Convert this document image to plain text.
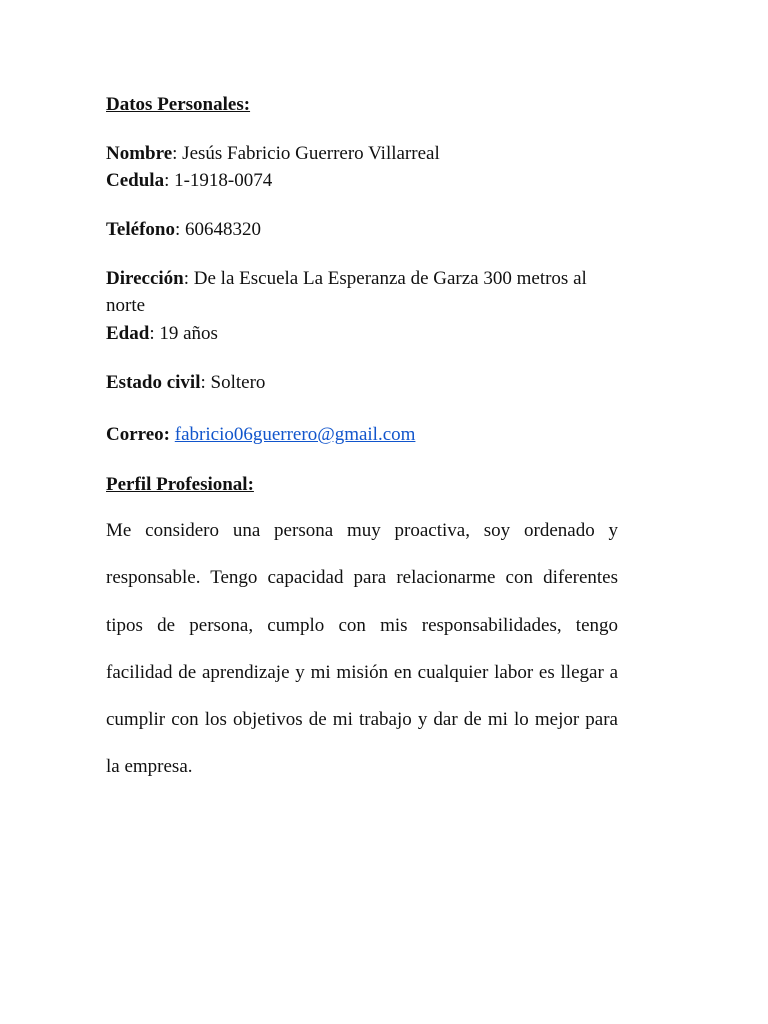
Datos Personales:
Nombre: Jesús Fabricio Guerrero Villarreal
Cedula: 1-1918-0074
Teléfono: 60648320
Dirección: De la Escuela La Esperanza de Garza 300 metros al
norte
Edad: 19 años
Estado civil: Soltero
Correo: fabricio06guerrero@gmail.com
Perfil Profesional:
Me considero una persona muy proactiva, soy ordenado y responsable. Tengo capacidad para relacionarme con diferentes tipos de persona, cumplo con mis responsabilidades, tengo facilidad de aprendizaje y mi misión en cualquier labor es llegar a cumplir con los objetivos de mi trabajo y dar de mi lo mejor para la empresa.
